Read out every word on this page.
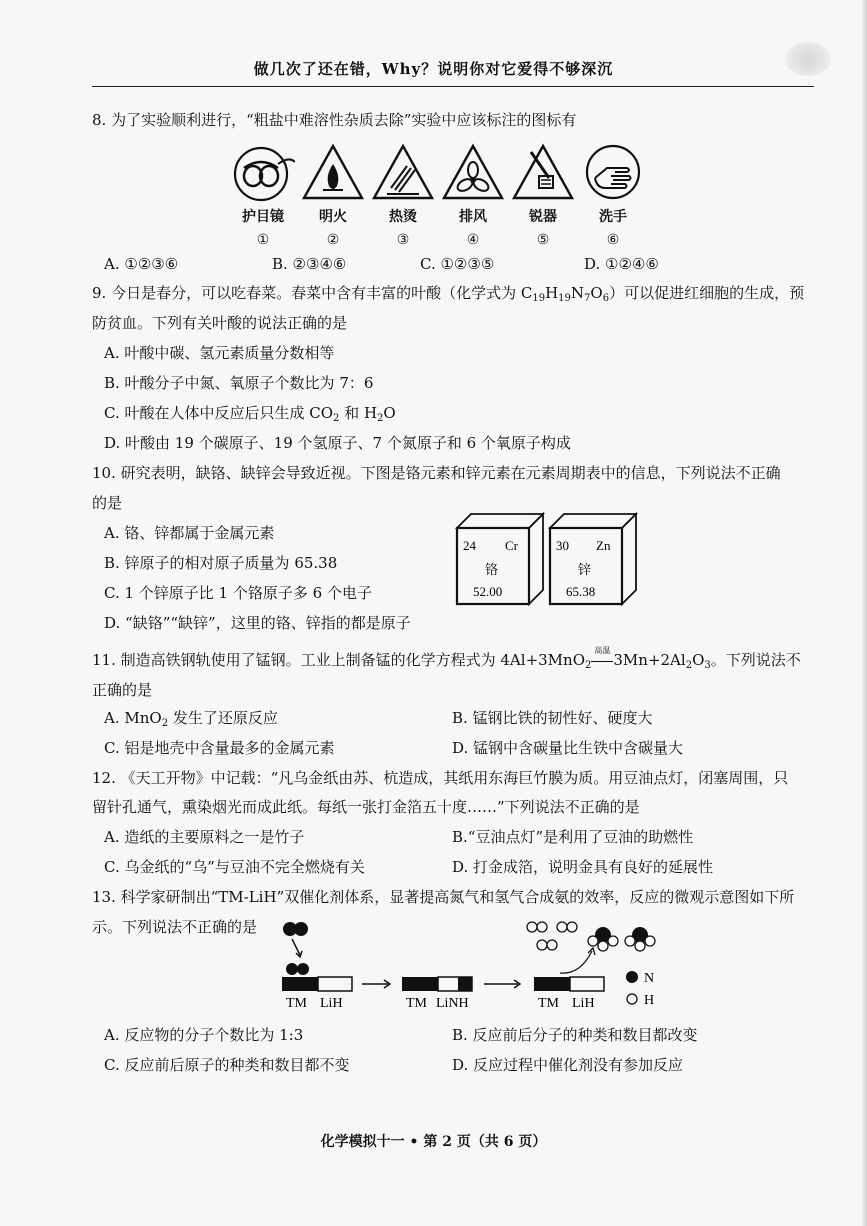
做几次了还在错，Why？说明你对它爱得不够深沉
8. 为了实验顺利进行，“粗盐中难溶性杂质去除”实验中应该标注的图标有
护目镜
①
明火
②
热烫
③
排风
④
锐器
⑤
洗手
⑥
A. ①②③⑥	B. ②③④⑥	C. ①②③⑤	D. ①②④⑥
9. 今日是春分，可以吃春菜。春菜中含有丰富的叶酸（化学式为 $C_{19}H_{19}N_7O_6$）可以促进红细胞的生成，预
防贫血。下列有关叶酸的说法正确的是
A. 叶酸中碳、氢元素质量分数相等
B. 叶酸分子中氮、氧原子个数比为 7：6
C. 叶酸在人体中反应后只生成 $CO_2$ 和 $H_2O$
D. 叶酸由 19 个碳原子、19 个氢原子、7 个氮原子和 6 个氧原子构成
10. 研究表明，缺铬、缺锌会导致近视。下图是铬元素和锌元素在元素周期表中的信息，下列说法不正确
的是
A. 铬、锌都属于金属元素
B. 锌原子的相对原子质量为 65.38
C. 1 个锌原子比 1 个铬原子多 6 个电子
D. “缺铬”“缺锌”，这里的铬、锌指的都是原子
24 Cr
铬
52.00
30 Zn
锌
65.38
11. 制造高铁钢轨使用了锰钢。工业上制备锰的化学方程式为 4Al+3MnO$_2$
高温
$3Mn+2Al_2O_3$。下列说法不
正确的是
A. MnO$_2$ 发生了还原反应	B. 锰钢比铁的韧性好、硬度大
C. 铝是地壳中含量最多的金属元素	D. 锰钢中含碳量比生铁中含碳量大
12. 《天工开物》中记载：“凡乌金纸由苏、杭造成，其纸用东海巨竹膜为质。用豆油点灯，闭塞周围，只
留针孔通气，熏染烟光而成此纸。每纸一张打金箔五十度……”下列说法不正确的是
A. 造纸的主要原料之一是竹子	B.“豆油点灯”是利用了豆油的助燃性
C. 乌金纸的“乌”与豆油不完全燃烧有关	D. 打金成箔，说明金具有良好的延展性
13. 科学家研制出“TM-LiH”双催化剂体系，显著提高氮气和氢气合成氨的效率，反应的微观示意图如下所
示。下列说法不正确的是
TM LiH	TM LiNH	TM LiH
N
H
A. 反应物的分子个数比为 1:3	B. 反应前后分子的种类和数目都改变
C. 反应前后原子的种类和数目都不变	D. 反应过程中催化剂没有参加反应
化学模拟十一 • 第 2 页（共 6 页）
